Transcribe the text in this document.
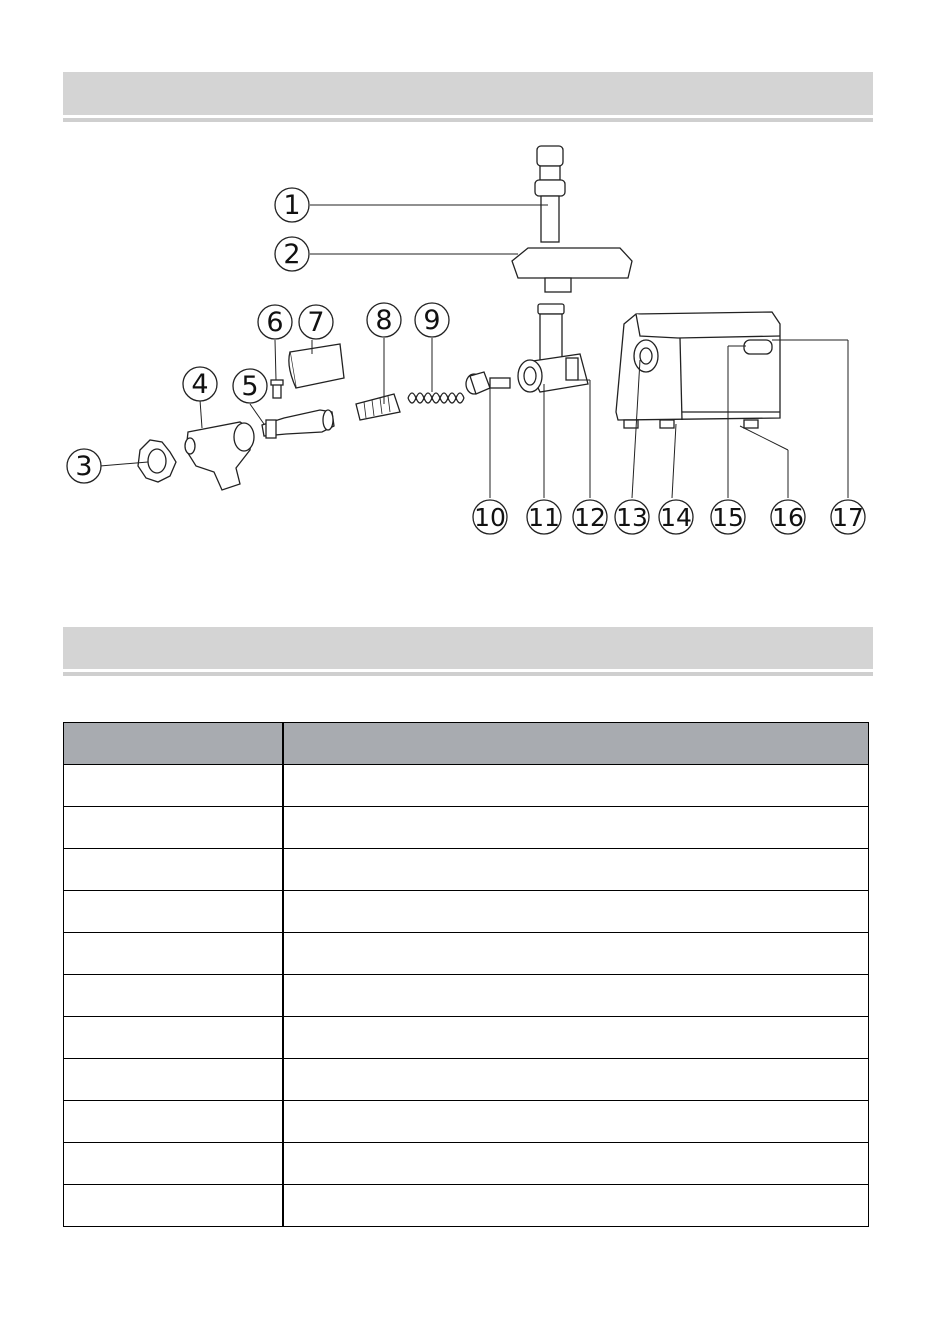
1
2
3
4 5
6 7 8 9
10 11 12 13 14 15 16 17
